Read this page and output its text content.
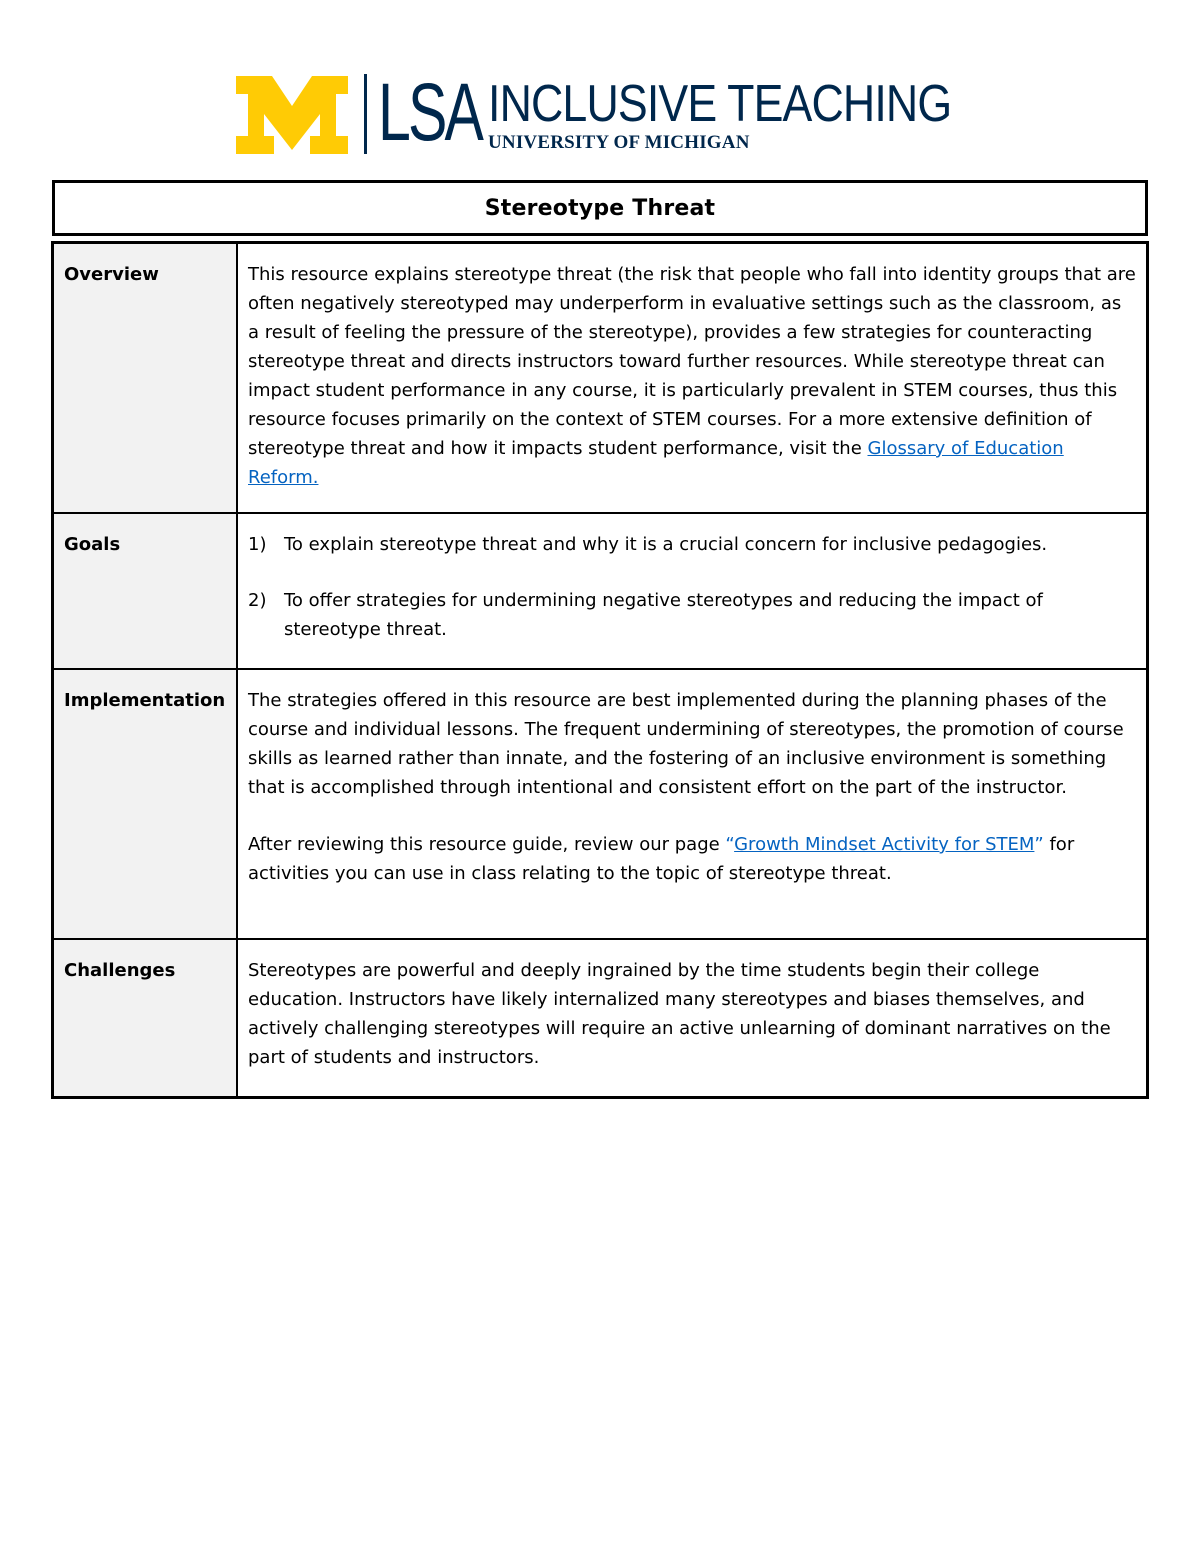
LSA INCLUSIVE TEACHING
UNIVERSITY OF MICHIGAN
Stereotype Threat
Overview	This resource explains stereotype threat (the risk that people who fall into identity groups that are often negatively stereotyped may underperform in evaluative settings such as the classroom, as a result of feeling the pressure of the stereotype), provides a few strategies for counteracting stereotype threat and directs instructors toward further resources. While stereotype threat can impact student performance in any course, it is particularly prevalent in STEM courses, thus this resource focuses primarily on the context of STEM courses. For a more extensive definition of stereotype threat and how it impacts student performance, visit the Glossary of Education Reform.
Goals	1) To explain stereotype threat and why it is a crucial concern for inclusive pedagogies.
2) To offer strategies for undermining negative stereotypes and reducing the impact of stereotype threat.

Implementation	The strategies offered in this resource are best implemented during the planning phases of the course and individual lessons. The frequent undermining of stereotypes, the promotion of course skills as learned rather than innate, and the fostering of an inclusive environment is something that is accomplished through intentional and consistent effort on the part of the instructor.
After reviewing this resource guide, review our page “Growth Mindset Activity for STEM” for activities you can use in class relating to the topic of stereotype threat.

Challenges	Stereotypes are powerful and deeply ingrained by the time students begin their college education. Instructors have likely internalized many stereotypes and biases themselves, and actively challenging stereotypes will require an active unlearning of dominant narratives on the part of students and instructors.
